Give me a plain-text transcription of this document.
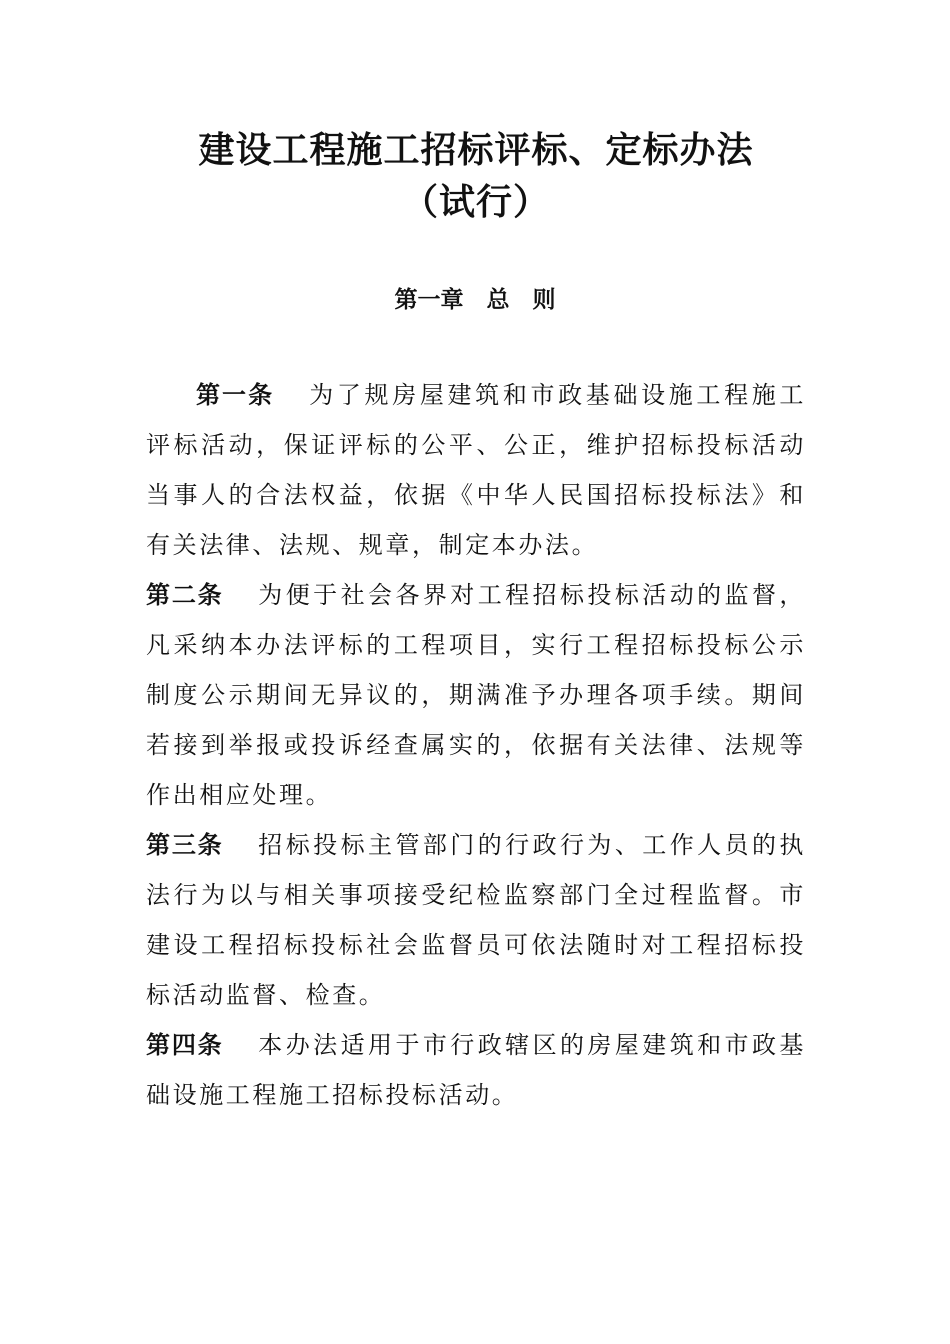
建设工程施工招标评标、定标办法（试行）
第一章　总　则

第一条 为了规房屋建筑和市政基础设施工程施工评标活动，保证评标的公平、公正，维护招标投标活动当事人的合法权益，依据《中华人民国招标投标法》和有关法律、法规、规章，制定本办法。

第二条 为便于社会各界对工程招标投标活动的监督，凡采纳本办法评标的工程项目，实行工程招标投标公示制度公示期间无异议的，期满准予办理各项手续。期间若接到举报或投诉经查属实的，依据有关法律、法规等作出相应处理。

第三条 招标投标主管部门的行政行为、工作人员的执法行为以与相关事项接受纪检监察部门全过程监督。市建设工程招标投标社会监督员可依法随时对工程招标投标活动监督、检查。

第四条 本办法适用于市行政辖区的房屋建筑和市政基础设施工程施工招标投标活动。
